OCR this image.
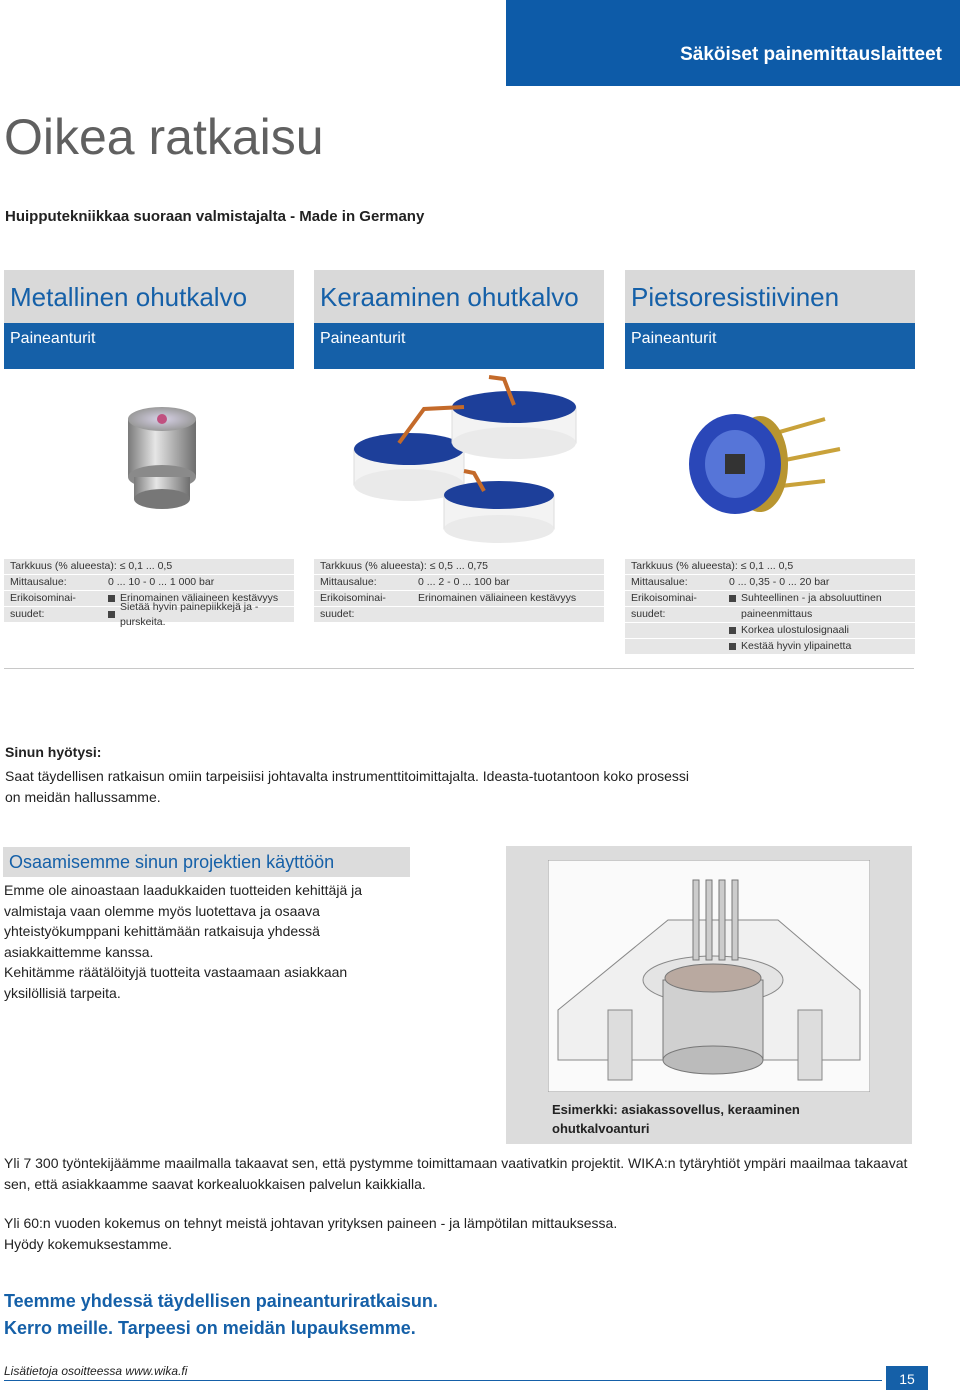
Säköiset painemittauslaitteet
Oikea ratkaisu
Huipputekniikkaa suoraan valmistajalta - Made in Germany
Metallinen ohutkalvo
Paineanturit
Tarkkuus (% alueesta): ≤ 0,1 ... 0,5
Mittausalue:	0 ... 10 - 0 ... 1 000 bar
Erikoisominai-	Erinomainen väliaineen kestävyys
suudet:
Sietää hyvin painepiikkejä ja -purskeita.
Keraaminen ohutkalvo
Paineanturit
Tarkkuus (% alueesta): ≤ 0,5 ... 0,75
Mittausalue:	0 ... 2 - 0 ... 100 bar
Erikoisominai-	Erinomainen väliaineen kestävyys
suudet:
Pietsoresistiivinen
Paineanturit
Tarkkuus (% alueesta): ≤ 0,1 ... 0,5
Mittausalue:	0 ... 0,35 - 0 ... 20 bar
Erikoisominai-	Suhteellinen - ja absoluuttinen
suudet:	paineenmittaus
Korkea ulostulosignaali
Kestää hyvin ylipainetta
Sinun hyötysi:
Saat täydellisen ratkaisun omiin tarpeisiisi johtavalta instrumenttitoimittajalta. Ideasta-tuotantoon koko prosessi on meidän hallussamme.
Osaamisemme sinun projektien käyttöön
Emme ole ainoastaan laadukkaiden tuotteiden kehittäjä ja valmistaja vaan olemme myös luotettava ja osaava yhteistyökumppani kehittämään ratkaisuja yhdessä asiakkaittemme kanssa.
Kehitämme räätälöityjä tuotteita vastaamaan asiakkaan yksilöllisiä tarpeita.
Esimerkki: asiakassovellus, keraaminen ohutkalvoanturi
Yli 7 300 työntekijäämme maailmalla takaavat sen, että pystymme toimittamaan vaativatkin projektit. WIKA:n tytäryhtiöt ympäri maailmaa takaavat sen, että asiakkaamme saavat korkealuokkaisen palvelun kaikkialla.
Yli 60:n vuoden kokemus on tehnyt meistä johtavan yrityksen paineen - ja lämpötilan mittauksessa.
Hyödy kokemuksestamme.
Teemme yhdessä täydellisen paineanturiratkaisun.
Kerro meille. Tarpeesi on meidän lupauksemme.
Lisätietoja osoitteessa www.wika.fi	15
